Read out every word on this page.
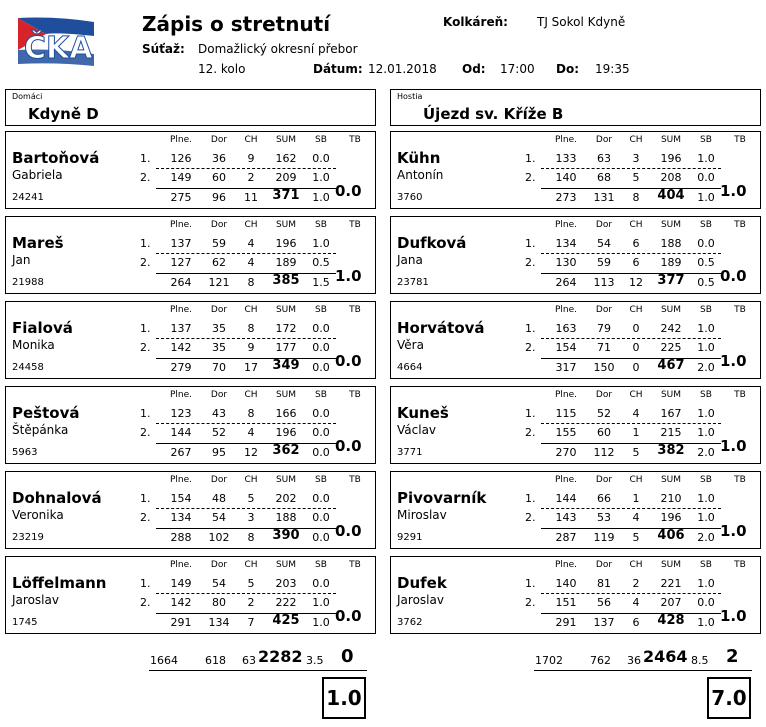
ČKA
Zápis o stretnutí	Kolkáreň: TJ Sokol Kdyně
Súťaž: Domažlický okresní přebor
12. kolo	Dátum: 12.01.2018 Od: 17:00 Do: 19:35
Domáci
Kdyně D
Hostia
Újezd sv. Kříže B
Plne.	Dor	CH	SUM	SB	TB
Bartoňová
Gabriela
24241
1.	126	36	9	162	0.0
2.	149	60	2	209	1.0
275	96	11	371	1.0 0.0
Plne.	Dor	CH	SUM	SB	TB
Mareš
Jan
21988
1.	137	59	4	196	1.0
2.	127	62	4	189	0.5
264	121	8	385	1.5 1.0
Plne.	Dor	CH	SUM	SB	TB
Fialová
Monika
24458
1.	137	35	8	172	0.0
2.	142	35	9	177	0.0
279	70	17	349	0.0 0.0
Plne.	Dor	CH	SUM	SB	TB
Peštová
Štěpánka
5963
1.	123	43	8	166	0.0
2.	144	52	4	196	0.0
267	95	12	362	0.0 0.0
Plne.	Dor	CH	SUM	SB	TB
Dohnalová
Veronika
23219
1.	154	48	5	202	0.0
2.	134	54	3	188	0.0
288	102	8	390	0.0 0.0
Plne.	Dor	CH	SUM	SB	TB
Löffelmann
Jaroslav
1745
1.	149	54	5	203	0.0
2.	142	80	2	222	1.0
291	134	7	425	1.0 0.0
Plne.	Dor	CH	SUM	SB	TB
Kühn
Antonín
3760
1.	133	63	3	196	1.0
2.	140	68	5	208	0.0
273	131	8	404	1.0 1.0
Plne.	Dor	CH	SUM	SB	TB
Dufková
Jana
23781
1.	134	54	6	188	0.0
2.	130	59	6	189	0.5
264	113	12	377	0.5 0.0
Plne.	Dor	CH	SUM	SB	TB
Horvátová
Věra
4664
1.	163	79	0	242	1.0
2.	154	71	0	225	1.0
317	150	0	467	2.0 1.0
Plne.	Dor	CH	SUM	SB	TB
Kuneš
Václav
3771
1.	115	52	4	167	1.0
2.	155	60	1	215	1.0
270	112	5	382	2.0 1.0
Plne.	Dor	CH	SUM	SB	TB
Pivovarník
Miroslav
9291
1.	144	66	1	210	1.0
2.	143	53	4	196	1.0
287	119	5	406	2.0 1.0
Plne.	Dor	CH	SUM	SB	TB
Dufek
Jaroslav
3762
1.	140	81	2	221	1.0
2.	151	56	4	207	0.0
291	137	6	428	1.0 1.0
1664 618 63 2282 3.5 0	1702 762 36 2464 8.5 2
1.0	7.0
